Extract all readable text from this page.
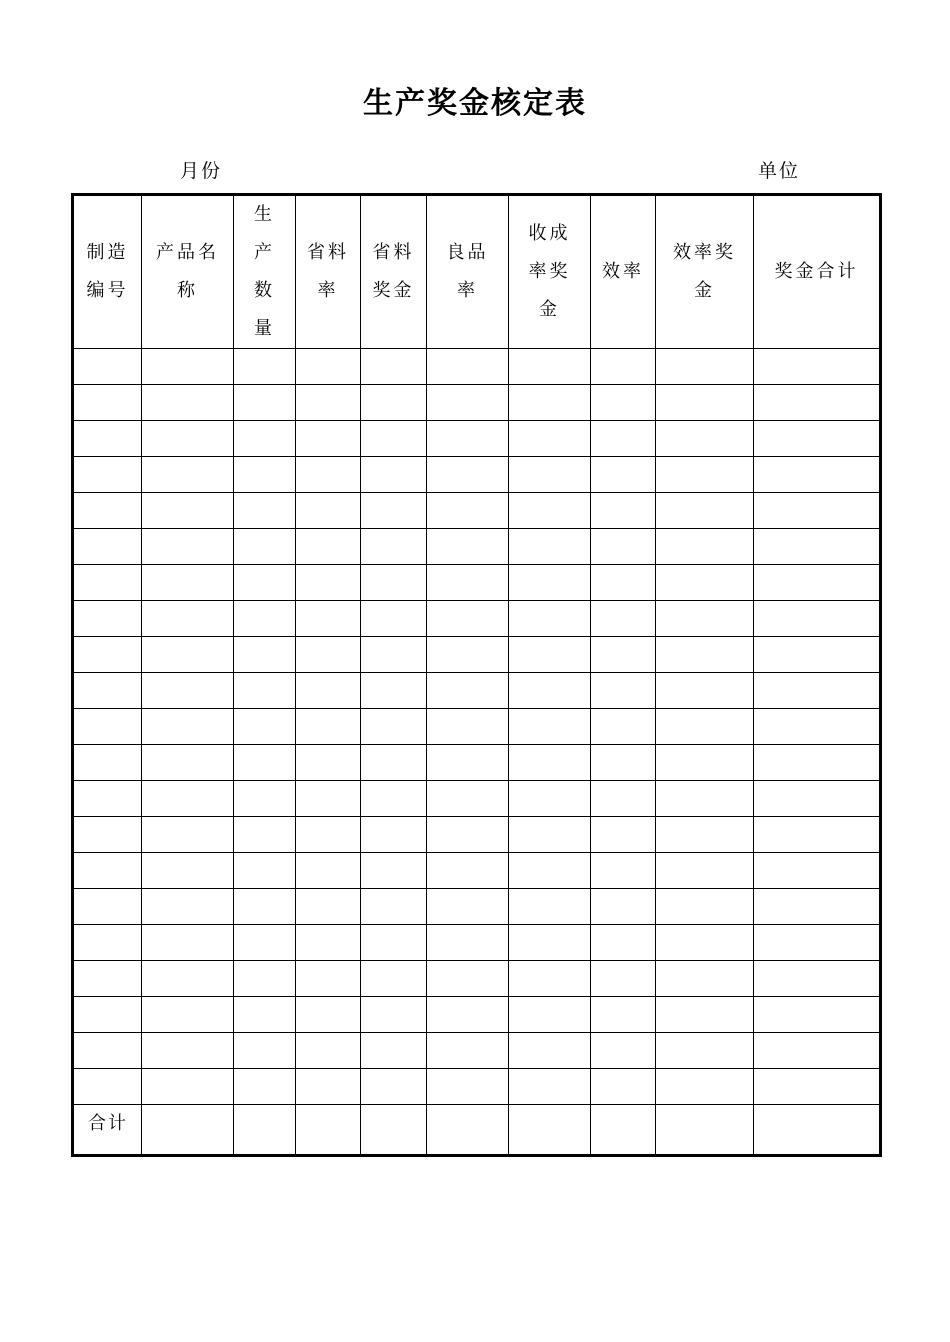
生产奖金核定表
月份	单位
制造编号	产品名称	生产数量	省料率	省料奖金	良品率	收成率奖金	效率	效率奖金	奖金合计

合计									
